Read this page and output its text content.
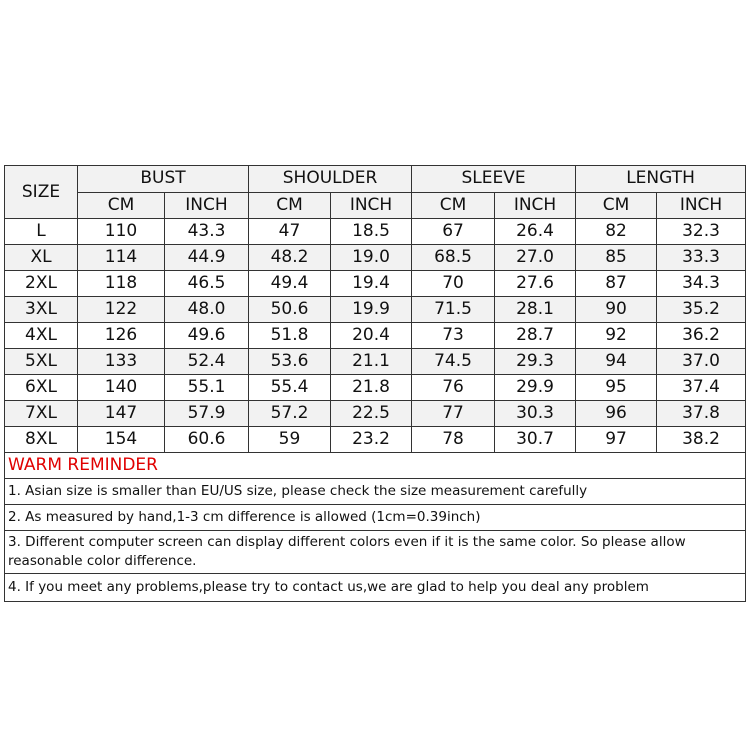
SIZE	BUST		SHOULDER		SLEEVE		LENGTH	
	CM	INCH	CM	INCH	CM	INCH	CM	INCH
L	110	43.3	47	18.5	67	26.4	82	32.3
XL	114	44.9	48.2	19.0	68.5	27.0	85	33.3
2XL	118	46.5	49.4	19.4	70	27.6	87	34.3
3XL	122	48.0	50.6	19.9	71.5	28.1	90	35.2
4XL	126	49.6	51.8	20.4	73	28.7	92	36.2
5XL	133	52.4	53.6	21.1	74.5	29.3	94	37.0
6XL	140	55.1	55.4	21.8	76	29.9	95	37.4
7XL	147	57.9	57.2	22.5	77	30.3	96	37.8
8XL	154	60.6	59	23.2	78	30.7	97	38.2
WARM REMINDER								
1. Asian size is smaller than EU/US size, please check the size measurement carefully								
2. As measured by hand,1-3 cm difference is allowed (1cm=0.39inch)								
3. Different computer screen can display different colors even if it is the same color. So please allow reasonable color difference.								
4. If you meet any problems,please try to contact us,we are glad to help you deal any problem								
